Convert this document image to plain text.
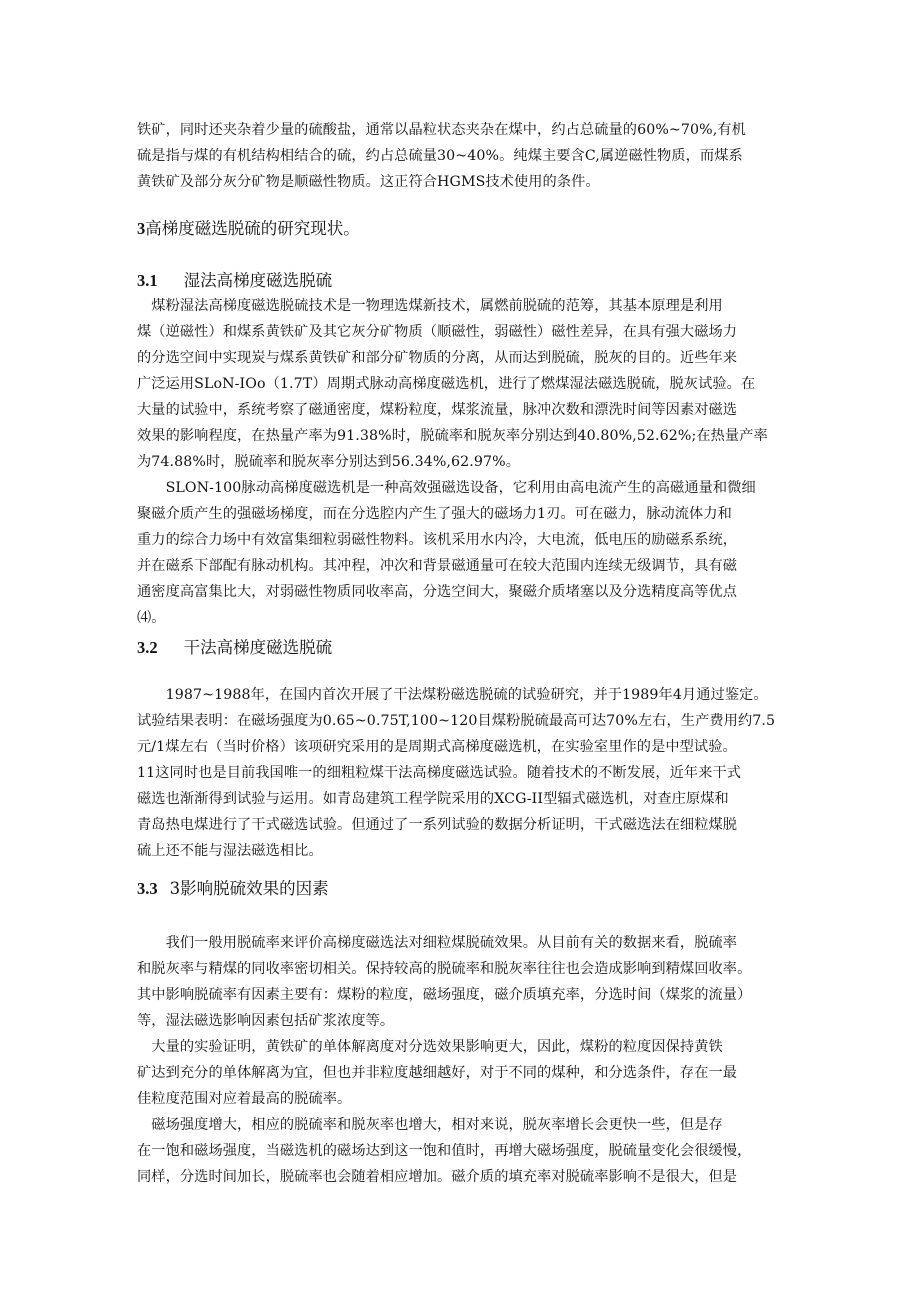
铁矿，同时还夹杂着少量的硫酸盐，通常以晶粒状态夹杂在煤中，约占总硫量的60%~70%,有机
硫是指与煤的有机结构相结合的硫，约占总硫量30~40%。纯煤主要含C,属逆磁性物质，而煤系
黄铁矿及部分灰分矿物是顺磁性物质。这正符合HGMS技术使用的条件。
3高梯度磁选脱硫的研究现状。
3.1 湿法高梯度磁选脱硫
　煤粉湿法高梯度磁选脱硫技术是一物理选煤新技术，属燃前脱硫的范筹，其基本原理是利用
煤（逆磁性）和煤系黄铁矿及其它灰分矿物质（顺磁性，弱磁性）磁性差异，在具有强大磁场力
的分选空间中实现炭与煤系黄铁矿和部分矿物质的分离，从而达到脱硫，脱灰的目的。近些年来
广泛运用SLoN-IOo（1.7T）周期式脉动高梯度磁选机，进行了燃煤湿法磁选脱硫，脱灰试验。在
大量的试验中，系统考察了磁通密度，煤粉粒度，煤浆流量，脉冲次数和漂洗时间等因素对磁选
效果的影响程度，在热量产率为91.38%时，脱硫率和脱灰率分别达到40.80%,52.62%;在热量产率
为74.88%时，脱硫率和脱灰率分别达到56.34%,62.97%。
　　SLON-100脉动高梯度磁选机是一种高效强磁选设备，它利用由高电流产生的高磁通量和微细
聚磁介质产生的强磁场梯度，而在分选腔内产生了强大的磁场力1刃。可在磁力，脉动流体力和
重力的综合力场中有效富集细粒弱磁性物料。该机采用水内冷，大电流，低电压的励磁系系统，
并在磁系下部配有脉动机构。其冲程，冲次和背景磁通量可在较大范围内连续无级调节，具有磁
通密度高富集比大，对弱磁性物质同收率高，分选空间大，聚磁介质堵塞以及分选精度高等优点
⑷。
3.2 干法高梯度磁选脱硫
　　1987~1988年，在国内首次开展了干法煤粉磁选脱硫的试验研究，并于1989年4月通过鉴定。
试验结果表明：在磁场强度为0.65~0.75T,100~120目煤粉脱硫最高可达70%左右，生产费用约7.5
元/1煤左右（当时价格）该项研究采用的是周期式高梯度磁选机，在实验室里作的是中型试验。
11这同时也是目前我国唯一的细粗粒煤干法高梯度磁选试验。随着技术的不断发展，近年来干式
磁选也渐渐得到试验与运用。如青岛建筑工程学院采用的XCG-II型辐式磁选机，对查庄原煤和
青岛热电煤进行了干式磁选试验。但通过了一系列试验的数据分析证明，干式磁选法在细粒煤脱
硫上还不能与湿法磁选相比。
3.3 3影响脱硫效果的因素
　　我们一般用脱硫率来评价高梯度磁选法对细粒煤脱硫效果。从目前有关的数据来看，脱硫率
和脱灰率与精煤的同收率密切相关。保持较高的脱硫率和脱灰率往往也会造成影响到精煤回收率。
其中影响脱硫率有因素主要有：煤粉的粒度，磁场强度，磁介质填充率，分选时间（煤浆的流量）
等，湿法磁选影响因素包括矿浆浓度等。
　大量的实验证明，黄铁矿的单体解离度对分选效果影响更大，因此，煤粉的粒度因保持黄铁
矿达到充分的单体解离为宜，但也并非粒度越细越好，对于不同的煤种，和分选条件，存在一最
佳粒度范围对应着最高的脱硫率。
　磁场强度增大，相应的脱硫率和脱灰率也增大，相对来说，脱灰率增长会更快一些，但是存
在一饱和磁场强度，当磁选机的磁场达到这一饱和值时，再增大磁场强度，脱硫量变化会很缓慢，
同样，分选时间加长，脱硫率也会随着相应增加。磁介质的填充率对脱硫率影响不是很大，但是
